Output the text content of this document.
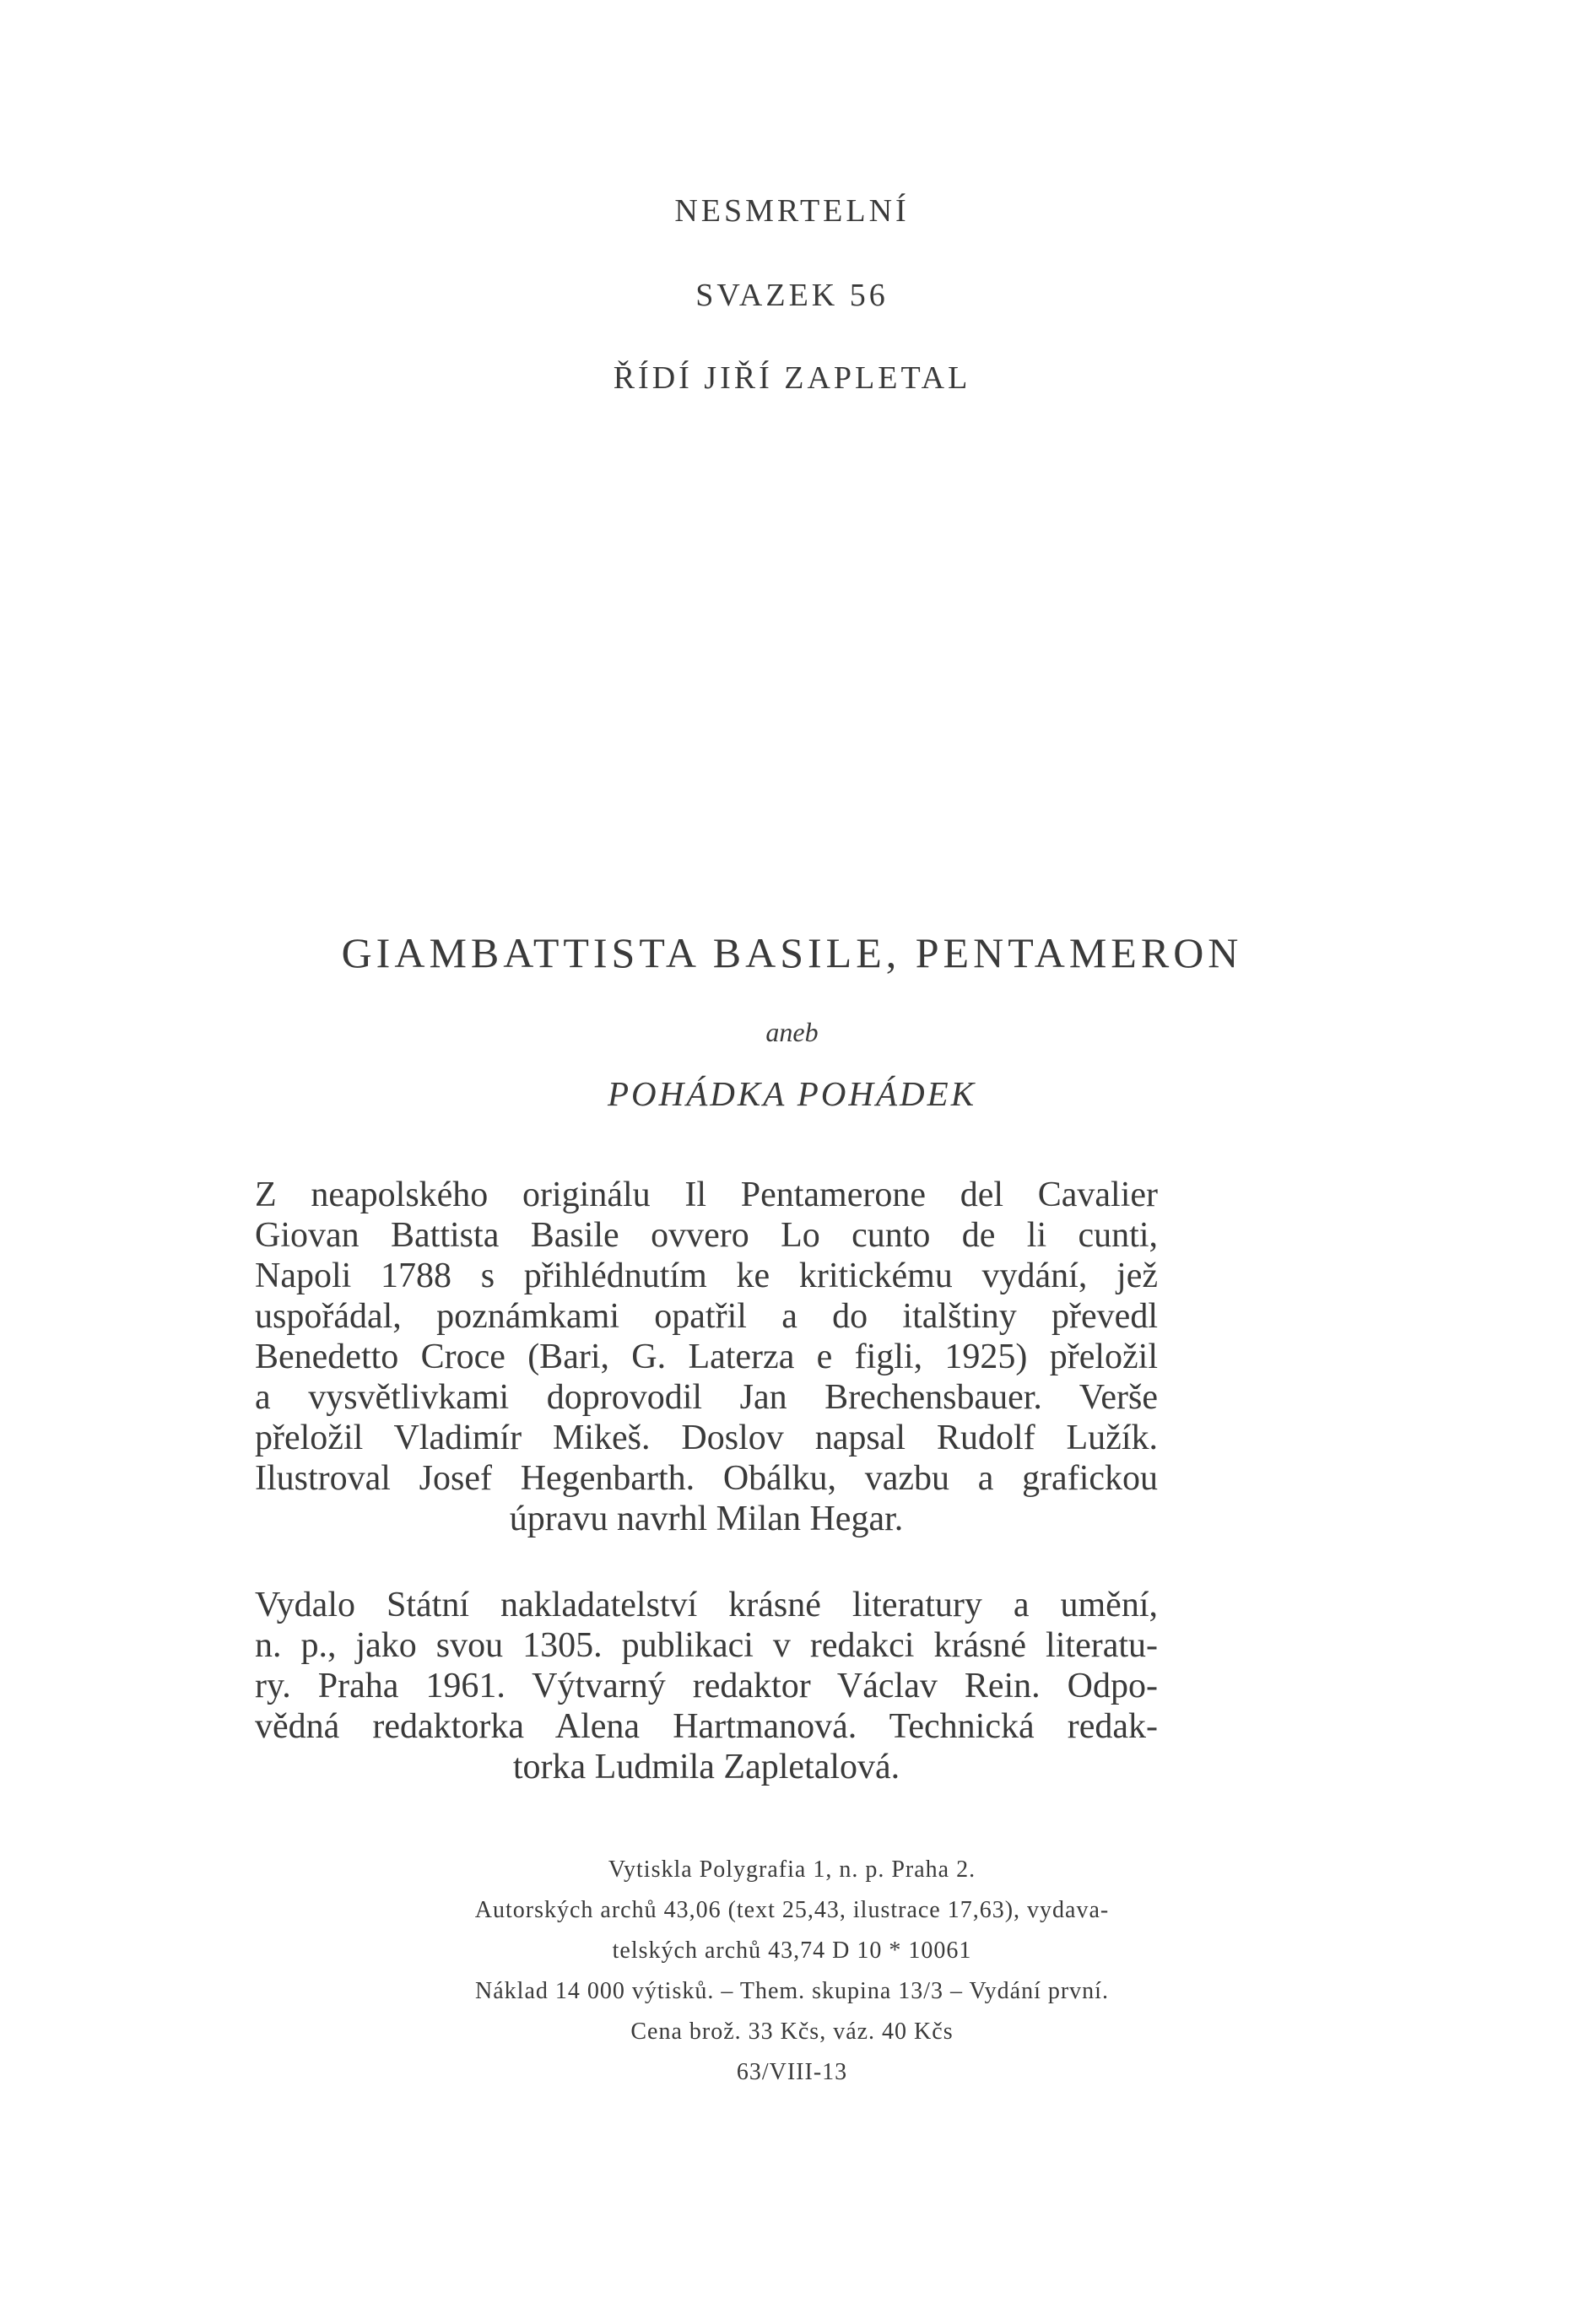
NESMRTELNÍ
SVAZEK 56
ŘÍDÍ JIŘÍ ZAPLETAL
GIAMBATTISTA BASILE, PENTAMERON
aneb
POHÁDKA POHÁDEK
Z neapolského originálu Il Pentamerone del Cavalier
Giovan Battista Basile ovvero Lo cunto de li cunti,
Napoli 1788 s přihlédnutím ke kritickému vydání, jež
uspořádal, poznámkami opatřil a do italštiny převedl
Benedetto Croce (Bari, G. Laterza e figli, 1925) přeložil
a vysvětlivkami doprovodil Jan Brechensbauer. Verše
přeložil Vladimír Mikeš. Doslov napsal Rudolf Lužík.
Ilustroval Josef Hegenbarth. Obálku, vazbu a grafickou
úpravu navrhl Milan Hegar.
Vydalo Státní nakladatelství krásné literatury a umění,
n. p., jako svou 1305. publikaci v redakci krásné literatu-
ry. Praha 1961. Výtvarný redaktor Václav Rein. Odpo-
vědná redaktorka Alena Hartmanová. Technická redak-
torka Ludmila Zapletalová.
Vytiskla Polygrafia 1, n. p. Praha 2.
Autorských archů 43,06 (text 25,43, ilustrace 17,63), vydava-
telských archů 43,74 D 10 * 10061
Náklad 14 000 výtisků. – Them. skupina 13/3 – Vydání první.
Cena brož. 33 Kčs, váz. 40 Kčs
63/VIII-13
